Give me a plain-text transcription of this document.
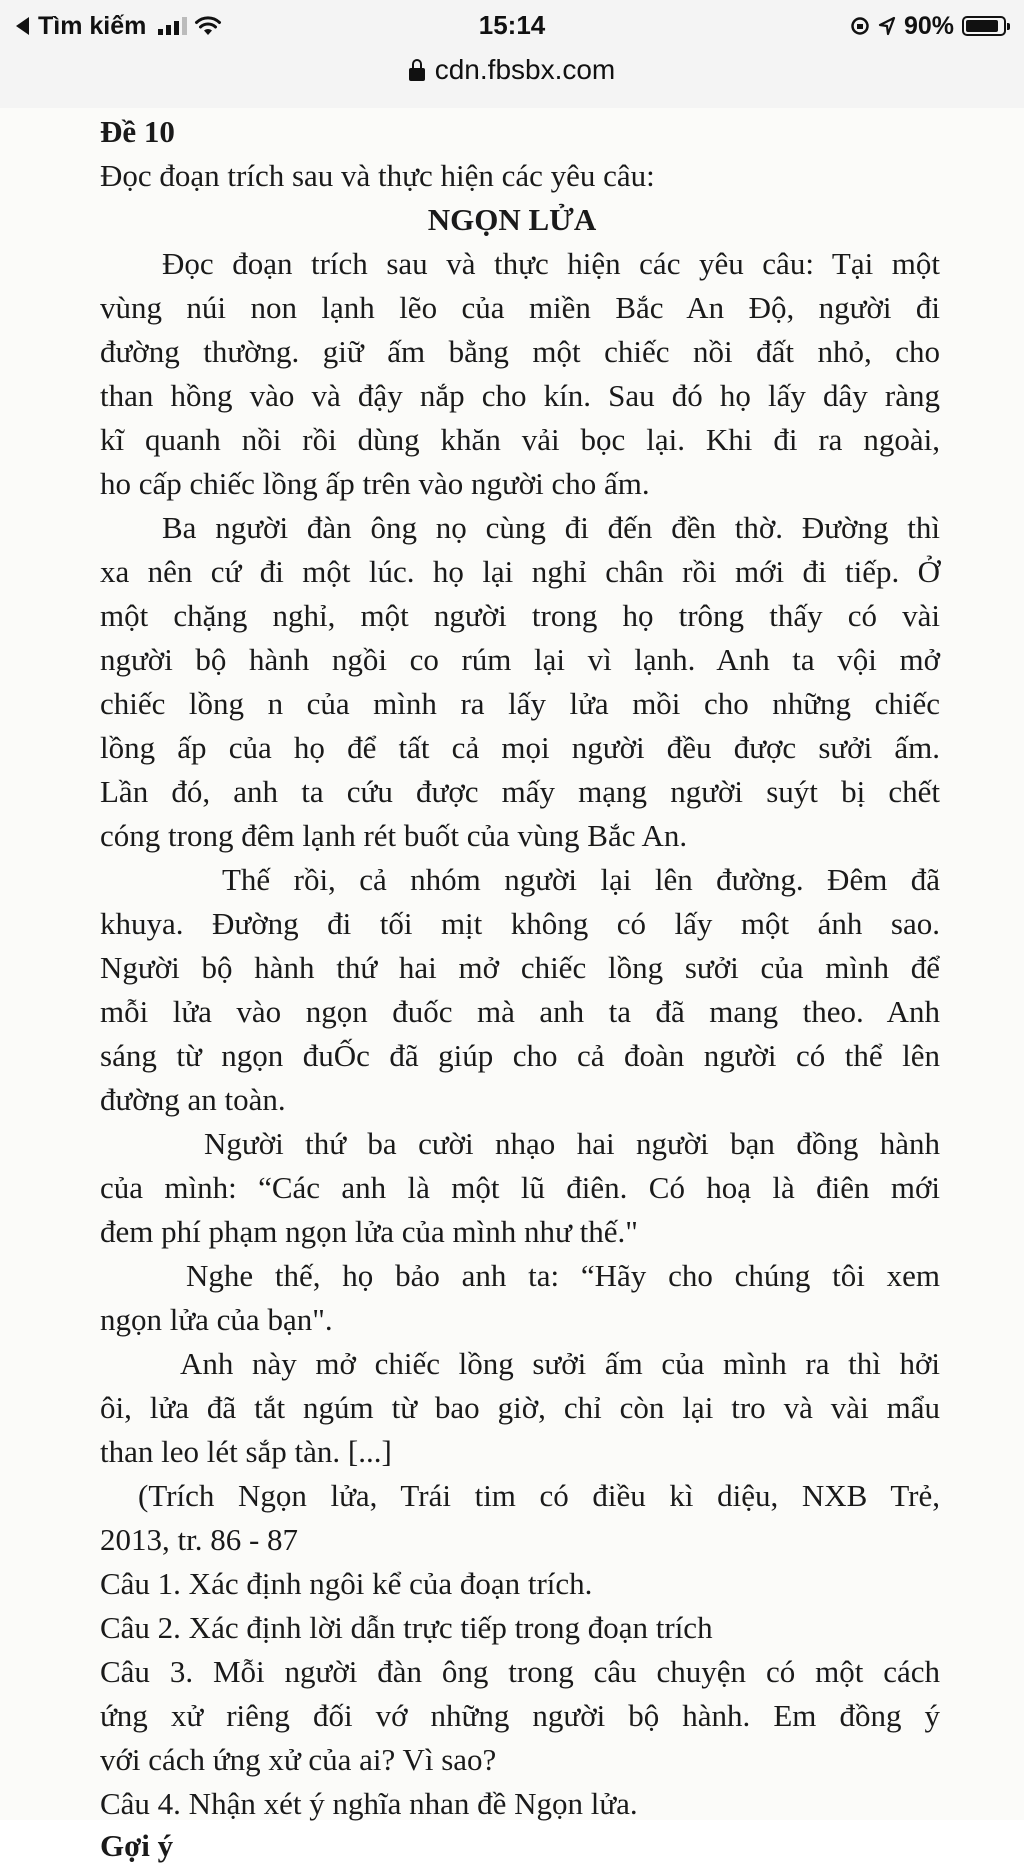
Tìm kiếm	15:14	90%
cdn.fbsbx.com
Đề 10
Đọc đoạn trích sau và thực hiện các yêu câu:
NGỌN LỬA
Đọc đoạn trích sau và thực hiện các yêu câu: Tại một
vùng núi non lạnh lẽo của miền Bắc An Độ, người đi
đường thường. giữ ấm bằng một chiếc nồi đất nhỏ, cho
than hồng vào và đậy nắp cho kín. Sau đó họ lấy dây ràng
kĩ quanh nồi rồi dùng khăn vải bọc lại. Khi đi ra ngoài,
ho cấp chiếc lồng ấp trên vào người cho ấm.
Ba người đàn ông nọ cùng đi đến đền thờ. Đường thì
xa nên cứ đi một lúc. họ lại nghỉ chân rồi mới đi tiếp. Ở
một chặng nghỉ, một người trong họ trông thấy có vài
người bộ hành ngồi co rúm lại vì lạnh. Anh ta vội mở
chiếc lồng n của mình ra lấy lửa mồi cho những chiếc
lồng ấp của họ để tất cả mọi người đều được sưởi ấm.
Lần đó, anh ta cứu được mấy mạng người suýt bị chết
cóng trong đêm lạnh rét buốt của vùng Bắc An.
Thế rồi, cả nhóm người lại lên đường. Đêm đã
khuya. Đường đi tối mịt không có lấy một ánh sao.
Người bộ hành thứ hai mở chiếc lồng sưởi của mình để
mỗi lửa vào ngọn đuốc mà anh ta đã mang theo. Anh
sáng từ ngọn đuỐc đã giúp cho cả đoàn người có thể lên
đường an toàn.
Người thứ ba cười nhạo hai người bạn đồng hành
của mình: “Các anh là một lũ điên. Có hoạ là điên mới
đem phí phạm ngọn lửa của mình như thế."
Nghe thế, họ bảo anh ta: “Hãy cho chúng tôi xem
ngọn lửa của bạn".
Anh này mở chiếc lồng sưởi ấm của mình ra thì hởi
ôi, lửa đã tắt ngúm từ bao giờ, chỉ còn lại tro và vài mẩu
than leo lét sắp tàn. [...]
(Trích Ngọn lửa, Trái tim có điều kì diệu, NXB Trẻ,
2013, tr. 86 - 87
Câu 1. Xác định ngôi kể của đoạn trích.
Câu 2. Xác định lời dẫn trực tiếp trong đoạn trích
Câu 3. Mỗi người đàn ông trong câu chuyện có một cách
ứng xử riêng đối vớ những người bộ hành. Em đồng ý
với cách ứng xử của ai? Vì sao?
Câu 4. Nhận xét ý nghĩa nhan đề Ngọn lửa.
Gợi ý
